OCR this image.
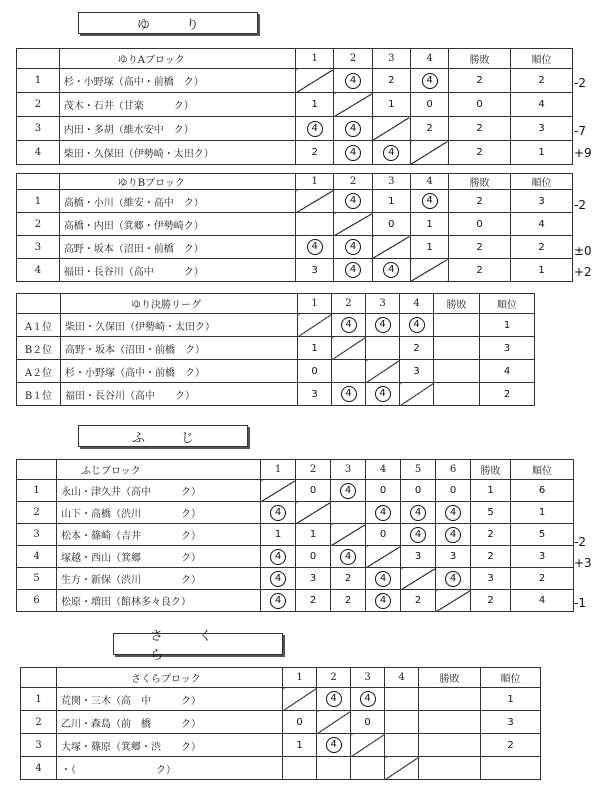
ゆり
	ゆりAブロック	1	2	3	4	勝敗	順位
1	杉・小野塚（高中・前橋　ク）		4	2	4	2	2
2	茂木・石井（甘楽　　　ク）	1		1	0	0	4
3	内田・多胡（維水安中　ク）	4	4		2	2	3
4	柴田・久保田（伊勢崎・太田ク）	2	4	4		2	1
-2
-7
+9
	ゆりBブロック	1	2	3	4	勝敗	順位
1	高橋・小川（維安・高中　ク）		4	1	4	2	3
2	高橋・内田（箕郷・伊勢崎ク）			0	1	0	4
3	高野・坂本（沼田・前橋　ク）	4	4		1	2	2
4	福田・長谷川（高中　　　ク）	3	4	4		2	1
-2
±0
+2
	ゆり決勝リーグ	1	2	3	4	勝敗	順位
A１位	柴田・久保田（伊勢崎・太田ク）		4	4	4		1
B２位	高野・坂本（沼田・前橋　ク）	1			2		3
A２位	杉・小野塚（高中・前橋　ク）	0			3		4
B１位	福田・長谷川（高中　　ク）	3	4	4			2
ふじ
	ふじブロック	1	2	3	4	5	6	勝敗	順位
1	永山・津久井（高中　　　ク）		0	4	0	0	0	1	6
2	山下・高橋（渋川　　　　ク）	4			4	4	4	5	1
3	松本・篠崎（吉井　　　　ク）	1	1		0	4	4	2	5
4	塚越・西山（箕郷　　　　ク）	4	0	4		3	3	2	3
5	生方・新保（渋川　　　　ク）	4	3	2	4		4	3	2
6	松原・増田（館林多々良ク）	4	2	2	4	2		2	4
-2
+3
-1
さくら
	さくらブロック	1	2	3	4	勝敗	順位
1	荒関・三木（高　中　　　ク）		4	4			1
2	乙川・森島（前　橋　　　ク）	0		0			3
3	大塚・篠原（箕郷・渋　　ク）	1	4				2
4	・（　　　　　　　　ク）						
